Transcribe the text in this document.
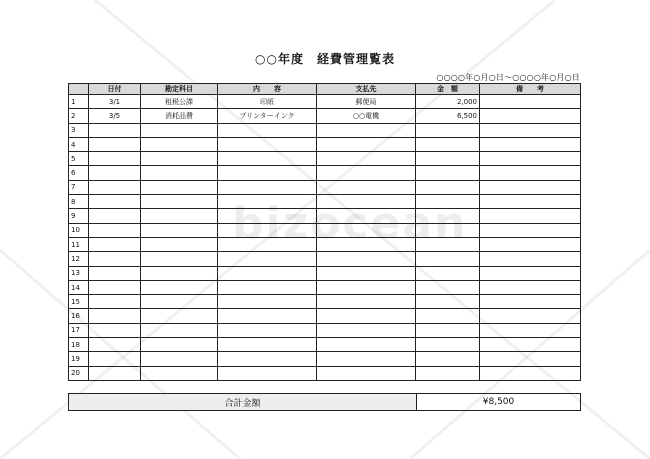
bizocean
○○年度　経費管理覧表
○○○○年○月○日～○○○○年○月○日
	日付	勘定科目	内　　容	支払先	金　額	備　　考
1	3/1	租税公課	印紙	郵便局	2,000	
2	3/5	消耗品費	プリンターインク	○○電機	6,500	
3						
4						
5						
6						
7						
8						
9						
10						
11						
12						
13						
14						
15						
16						
17						
18						
19						
20						
合計金額	¥8,500
